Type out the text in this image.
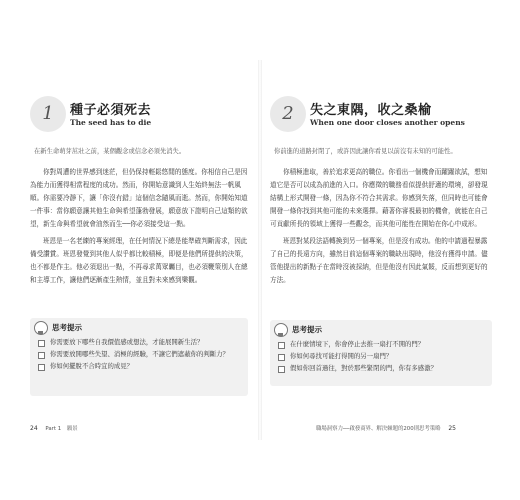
1	種子必須死去
The seed has to die
在新生命萌芽茁壯之前，某個觀念或信念必須先消失。

你對周遭的世界感到迷茫，但仍保持輕鬆悠閒的態度。你相信自己是因為能力而獲得相當程度的成功。然而，你開始意識到人生始終無法一帆風順。你需要冷靜下，讓「你沒有錯」這個信念隨風而逝。然而，你開始知道一件事：當你願意讓其他生命與希望蓬勃發展，願意放下證明自己這類的欲望，新生命與希望就會油然而生──你必須接受這一點。

班恩是一名老練的專案經理，在任何情況下總是能準確判斷需求，因此備受讚賞。班恩發覺到其他人似乎都比較積極，即便是他們所提供的決策，也不都是作主。他必須退出一點，不再尋求萬眾矚目，也必須鞭策別人在總和主導工作，讓他們逐漸產生熱情，並且對未來感到樂觀。

思考提示
你需要放下哪些自我價值感或想法，才能展開新生活？
你需要放開哪些失望、消極的經驗，不讓它們遮蔽你的判斷力？
你如何擺脫不合時宜的成見？
24 Part 1 願景
2	失之東隅，收之桑榆
When one door closes another opens
你前進的道路封閉了，或許因此讓你看見以前沒有未知的可能性。

你積極進取，善於追求更高的職位。你看出一個機會而躍躍欲試，想知道它是否可以成為前進的入口。你應徵的職務看似提供舒適的環境，卻發現結構上形式開發一條，因為你不符合其需求。你感到失落，但同時也可能會開發一條你找到其他可能的未來選擇。藉著你審視最初的機會，就能在自己可貢獻所長的領域上獲得一些觀念，而其他可能性在開始在你心中成形。

班恩對某段法語轉換到另一個專案，但是沒有成功。他的申請過程暴露了自己的長遠方向，雖然目前這個專案的職缺出現時，他沒有獲得申請。儘管他提出的新點子在當時沒被採納，但是他沒有因此氣餒，反而想到更好的方法。

思考提示
在什麼情境下，你會停止去推一扇打不開的門？
你如何尋找可能打得開的另一扇門？
假如你回首過往，對於那些緊閉的門，你有多感激？
職場洞察力──啟發商界、解決棘題的200則思考策略 25
